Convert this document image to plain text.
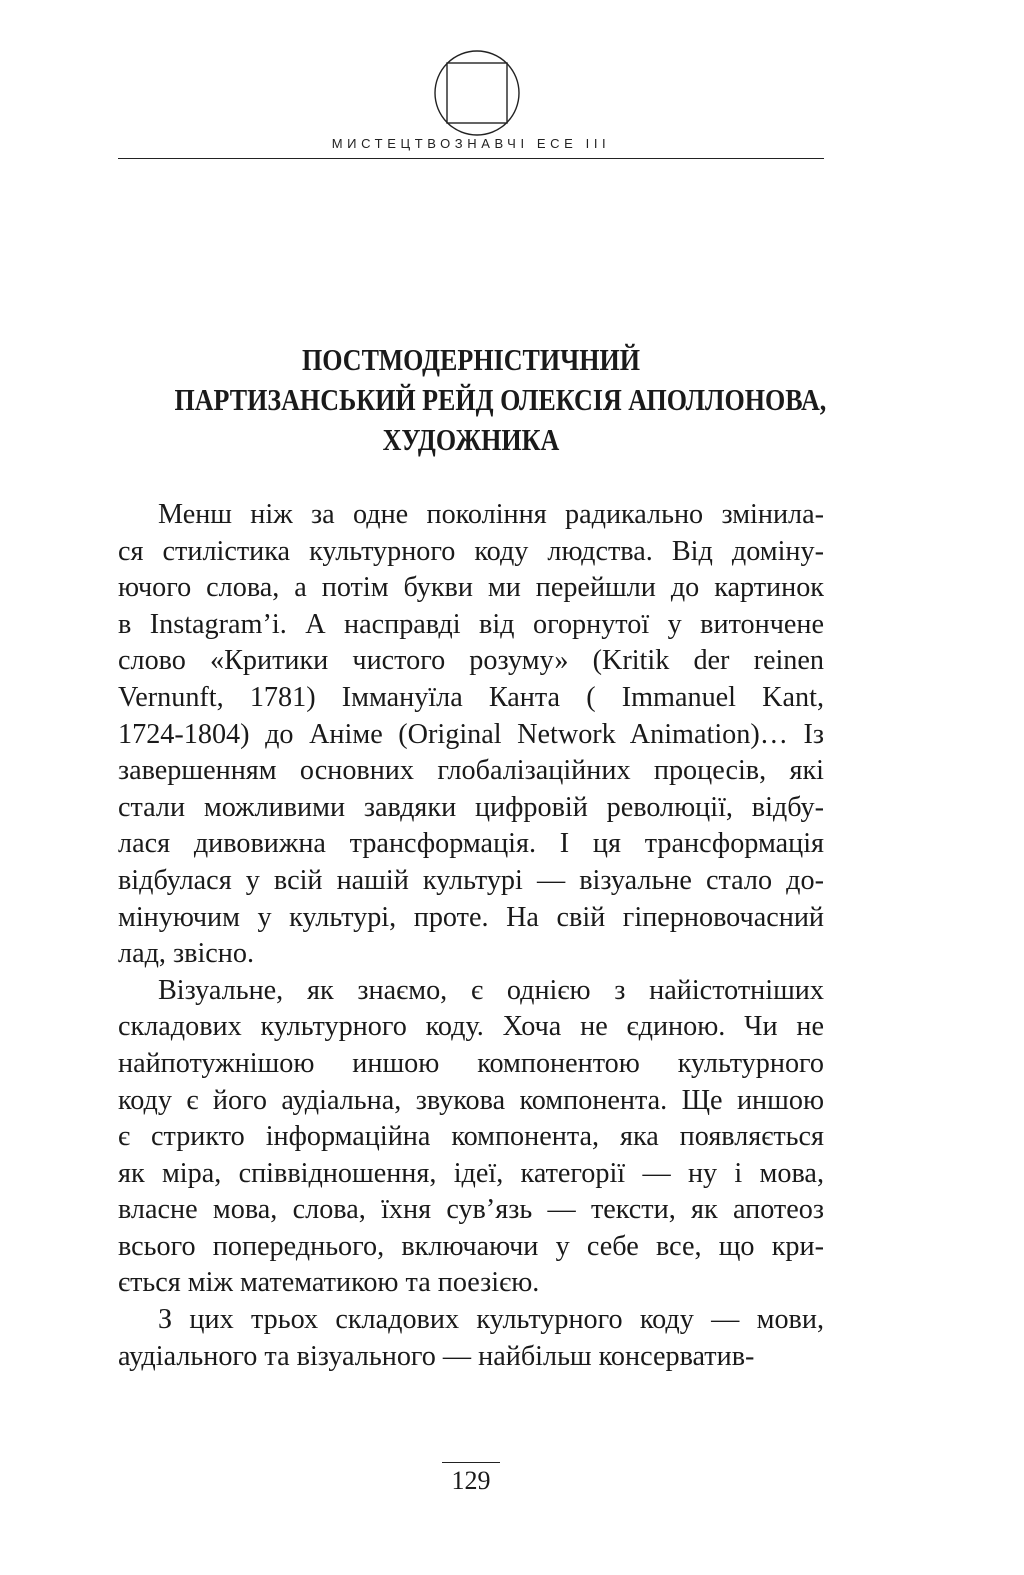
МИСТЕЦТВОЗНАВЧІ ЕСЕ ІІІ
ПОСТМОДЕРНІСТИЧНИЙ
ПАРТИЗАНСЬКИЙ РЕЙД ОЛЕКСІЯ АПОЛЛОНОВА,
ХУДОЖНИКА
Менш ніж за одне покоління радикально змінила-
ся стилістика культурного коду людства. Від доміну-
ючого слова, а потім букви ми перейшли до картинок
в Instagram’і. А насправді від огорнутої у витончене
слово «Критики чистого розуму» (Kritik der reinen
Vernunft, 1781) Іммануїла Канта ( Immanuel Kant,
1724-1804) до Аніме (Original Network Animation)… Із
завершенням основних глобалізаційних процесів, які
стали можливими завдяки цифровій революції, відбу-
лася дивовижна трансформація. І ця трансформація
відбулася у всій нашій культурі — візуальне стало до-
мінуючим у культурі, проте. На свій гіперновочасний
лад, звісно.
Візуальне, як знаємо, є однією з найістотніших
складових культурного коду. Хоча не єдиною. Чи не
найпотужнішою иншою компонентою культурного
коду є його аудіальна, звукова компонента. Ще иншою
є стрикто інформаційна компонента, яка появляється
як міра, співвідношення, ідеї, категорії — ну і мова,
власне мова, слова, їхня сув’язь — тексти, як апотеоз
всього попереднього, включаючи у себе все, що кри-
ється між математикою та поезією.
З цих трьох складових культурного коду — мови,
аудіального та візуального — найбільш консерватив-
129
